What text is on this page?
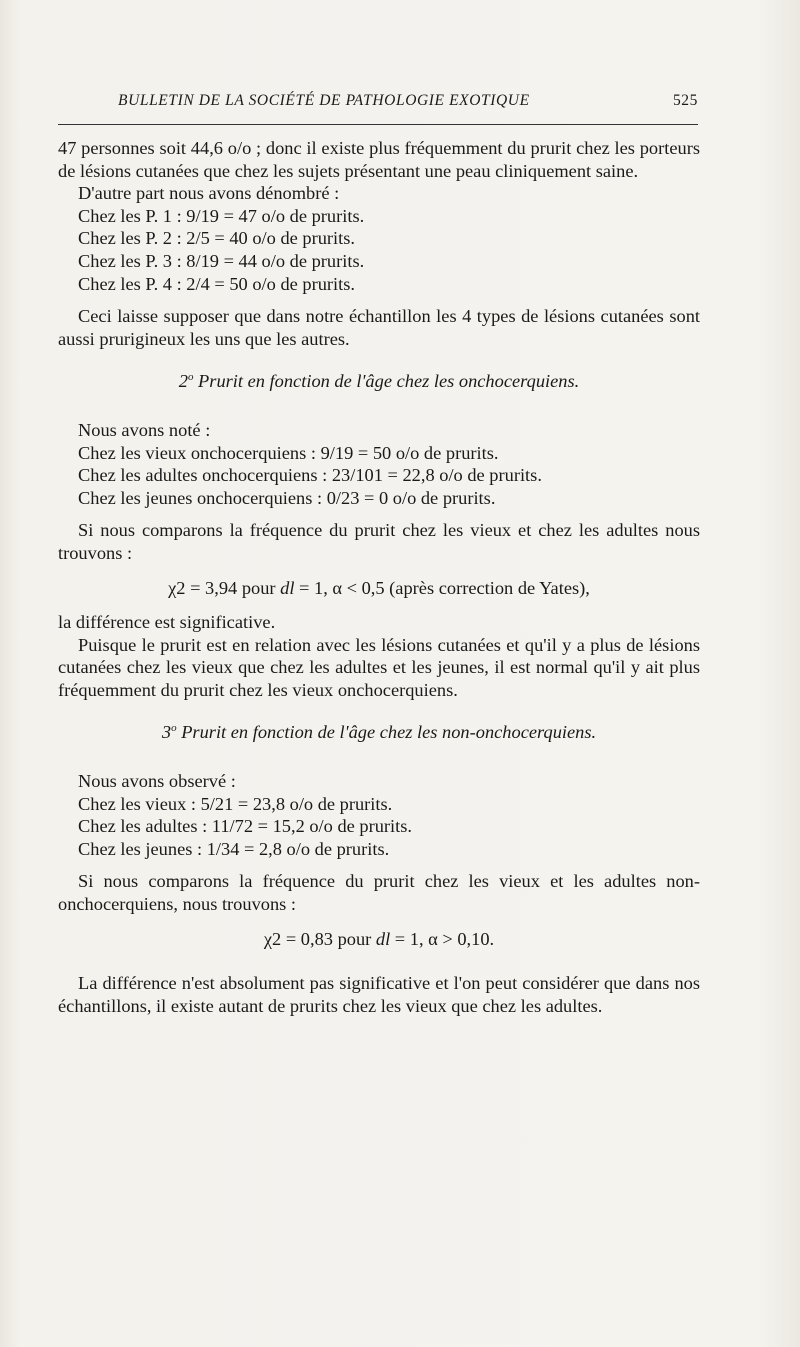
BULLETIN DE LA SOCIÉTÉ DE PATHOLOGIE EXOTIQUE	525

47 personnes soit 44,6 o/o ; donc il existe plus fréquemment du prurit chez les porteurs de lésions cutanées que chez les sujets présentant une peau cliniquement saine.

D'autre part nous avons dénombré :

Chez les P. 1 : 9/19 = 47 o/o de prurits.

Chez les P. 2 : 2/5 = 40 o/o de prurits.

Chez les P. 3 : 8/19 = 44 o/o de prurits.

Chez les P. 4 : 2/4 = 50 o/o de prurits.

Ceci laisse supposer que dans notre échantillon les 4 types de lésions cutanées sont aussi prurigineux les uns que les autres.

2$^o$ Prurit en fonction de l'âge chez les onchocerquiens.

Nous avons noté :

Chez les vieux onchocerquiens : 9/19 = 50 o/o de prurits.

Chez les adultes onchocerquiens : 23/101 = 22,8 o/o de prurits.

Chez les jeunes onchocerquiens : 0/23 = 0 o/o de prurits.

Si nous comparons la fréquence du prurit chez les vieux et chez les adultes nous trouvons :

χ2 = 3,94 pour dl = 1, α < 0,5 (après correction de Yates),

la différence est significative.

Puisque le prurit est en relation avec les lésions cutanées et qu'il y a plus de lésions cutanées chez les vieux que chez les adultes et les jeunes, il est normal qu'il y ait plus fréquemment du prurit chez les vieux onchocerquiens.

3$^o$ Prurit en fonction de l'âge chez les non-onchocerquiens.

Nous avons observé :

Chez les vieux : 5/21 = 23,8 o/o de prurits.

Chez les adultes : 11/72 = 15,2 o/o de prurits.

Chez les jeunes : 1/34 = 2,8 o/o de prurits.

Si nous comparons la fréquence du prurit chez les vieux et les adultes non-onchocerquiens, nous trouvons :

χ2 = 0,83 pour dl = 1, α > 0,10.

La différence n'est absolument pas significative et l'on peut considérer que dans nos échantillons, il existe autant de prurits chez les vieux que chez les adultes.
